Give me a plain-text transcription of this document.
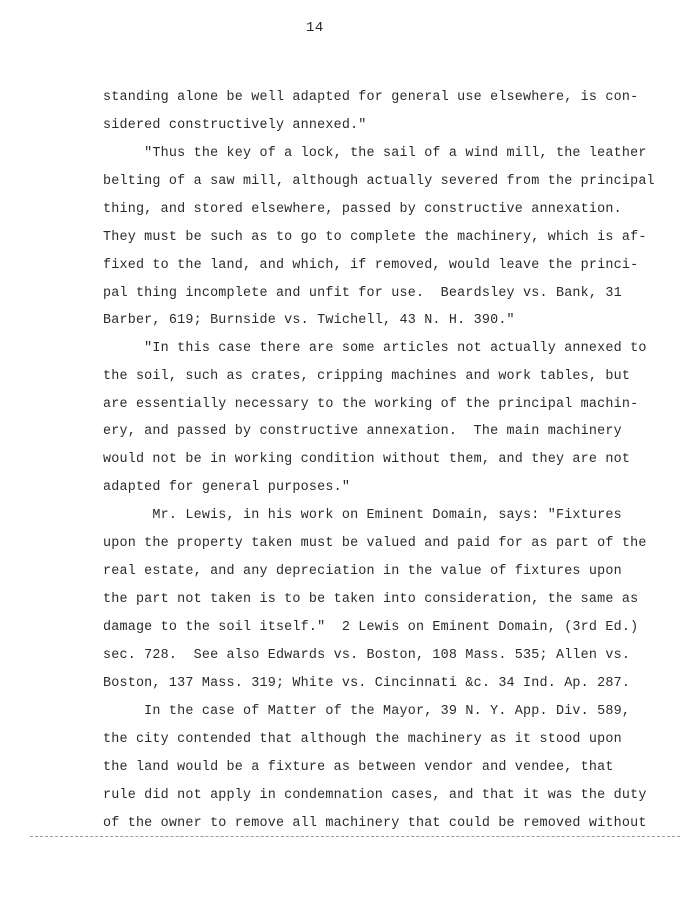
14
standing alone be well adapted for general use elsewhere, is con-
sidered constructively annexed."
"Thus the key of a lock, the sail of a wind mill, the leather
belting of a saw mill, although actually severed from the principal
thing, and stored elsewhere, passed by constructive annexation.
They must be such as to go to complete the machinery, which is af-
fixed to the land, and which, if removed, would leave the princi-
pal thing incomplete and unfit for use.  Beardsley vs. Bank, 31
Barber, 619; Burnside vs. Twichell, 43 N. H. 390."
"In this case there are some articles not actually annexed to
the soil, such as crates, cripping machines and work tables, but
are essentially necessary to the working of the principal machin-
ery, and passed by constructive annexation.  The main machinery
would not be in working condition without them, and they are not
adapted for general purposes."
Mr. Lewis, in his work on Eminent Domain, says: "Fixtures
upon the property taken must be valued and paid for as part of the
real estate, and any depreciation in the value of fixtures upon
the part not taken is to be taken into consideration, the same as
damage to the soil itself."  2 Lewis on Eminent Domain, (3rd Ed.)
sec. 728.  See also Edwards vs. Boston, 108 Mass. 535; Allen vs.
Boston, 137 Mass. 319; White vs. Cincinnati &c. 34 Ind. Ap. 287.
In the case of Matter of the Mayor, 39 N. Y. App. Div. 589,
the city contended that although the machinery as it stood upon
the land would be a fixture as between vendor and vendee, that
rule did not apply in condemnation cases, and that it was the duty
of the owner to remove all machinery that could be removed without
